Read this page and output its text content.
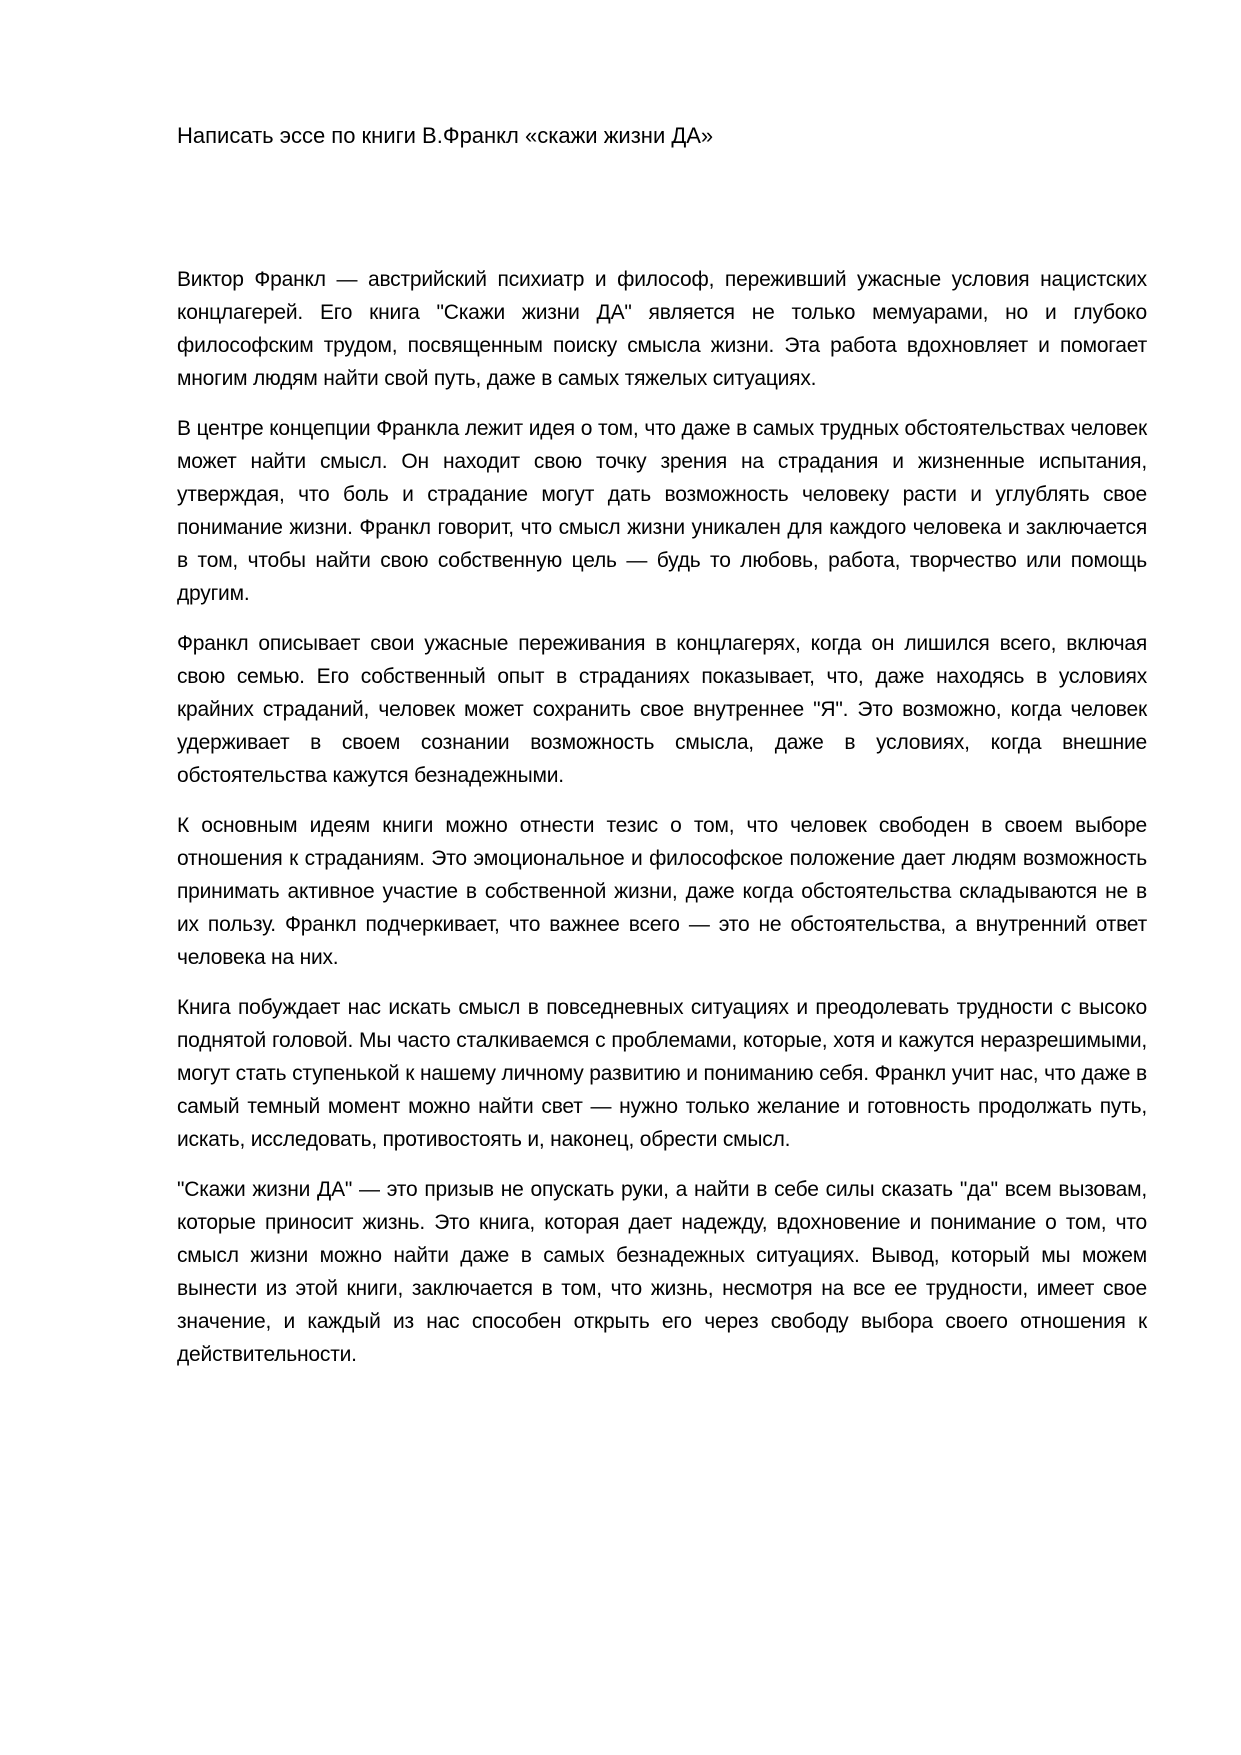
Написать эссе по книги В.Франкл «скажи жизни ДА»

Виктор Франкл — австрийский психиатр и философ, переживший ужасные условия нацистских концлагерей. Его книга "Скажи жизни ДА" является не только мемуарами, но и глубоко философским трудом, посвященным поиску смысла жизни. Эта работа вдохновляет и помогает многим людям найти свой путь, даже в самых тяжелых ситуациях.

В центре концепции Франкла лежит идея о том, что даже в самых трудных обстоятельствах человек может найти смысл. Он находит свою точку зрения на страдания и жизненные испытания, утверждая, что боль и страдание могут дать возможность человеку расти и углублять свое понимание жизни. Франкл говорит, что смысл жизни уникален для каждого человека и заключается в том, чтобы найти свою собственную цель — будь то любовь, работа, творчество или помощь другим.

Франкл описывает свои ужасные переживания в концлагерях, когда он лишился всего, включая свою семью. Его собственный опыт в страданиях показывает, что, даже находясь в условиях крайних страданий, человек может сохранить свое внутреннее "Я". Это возможно, когда человек удерживает в своем сознании возможность смысла, даже в условиях, когда внешние обстоятельства кажутся безнадежными.

К основным идеям книги можно отнести тезис о том, что человек свободен в своем выборе отношения к страданиям. Это эмоциональное и философское положение дает людям возможность принимать активное участие в собственной жизни, даже когда обстоятельства складываются не в их пользу. Франкл подчеркивает, что важнее всего — это не обстоятельства, а внутренний ответ человека на них.

Книга побуждает нас искать смысл в повседневных ситуациях и преодолевать трудности с высоко поднятой головой. Мы часто сталкиваемся с проблемами, которые, хотя и кажутся неразрешимыми, могут стать ступенькой к нашему личному развитию и пониманию себя. Франкл учит нас, что даже в самый темный момент можно найти свет — нужно только желание и готовность продолжать путь, искать, исследовать, противостоять и, наконец, обрести смысл.

"Скажи жизни ДА" — это призыв не опускать руки, а найти в себе силы сказать "да" всем вызовам, которые приносит жизнь. Это книга, которая дает надежду, вдохновение и понимание о том, что смысл жизни можно найти даже в самых безнадежных ситуациях. Вывод, который мы можем вынести из этой книги, заключается в том, что жизнь, несмотря на все ее трудности, имеет свое значение, и каждый из нас способен открыть его через свободу выбора своего отношения к действительности.
